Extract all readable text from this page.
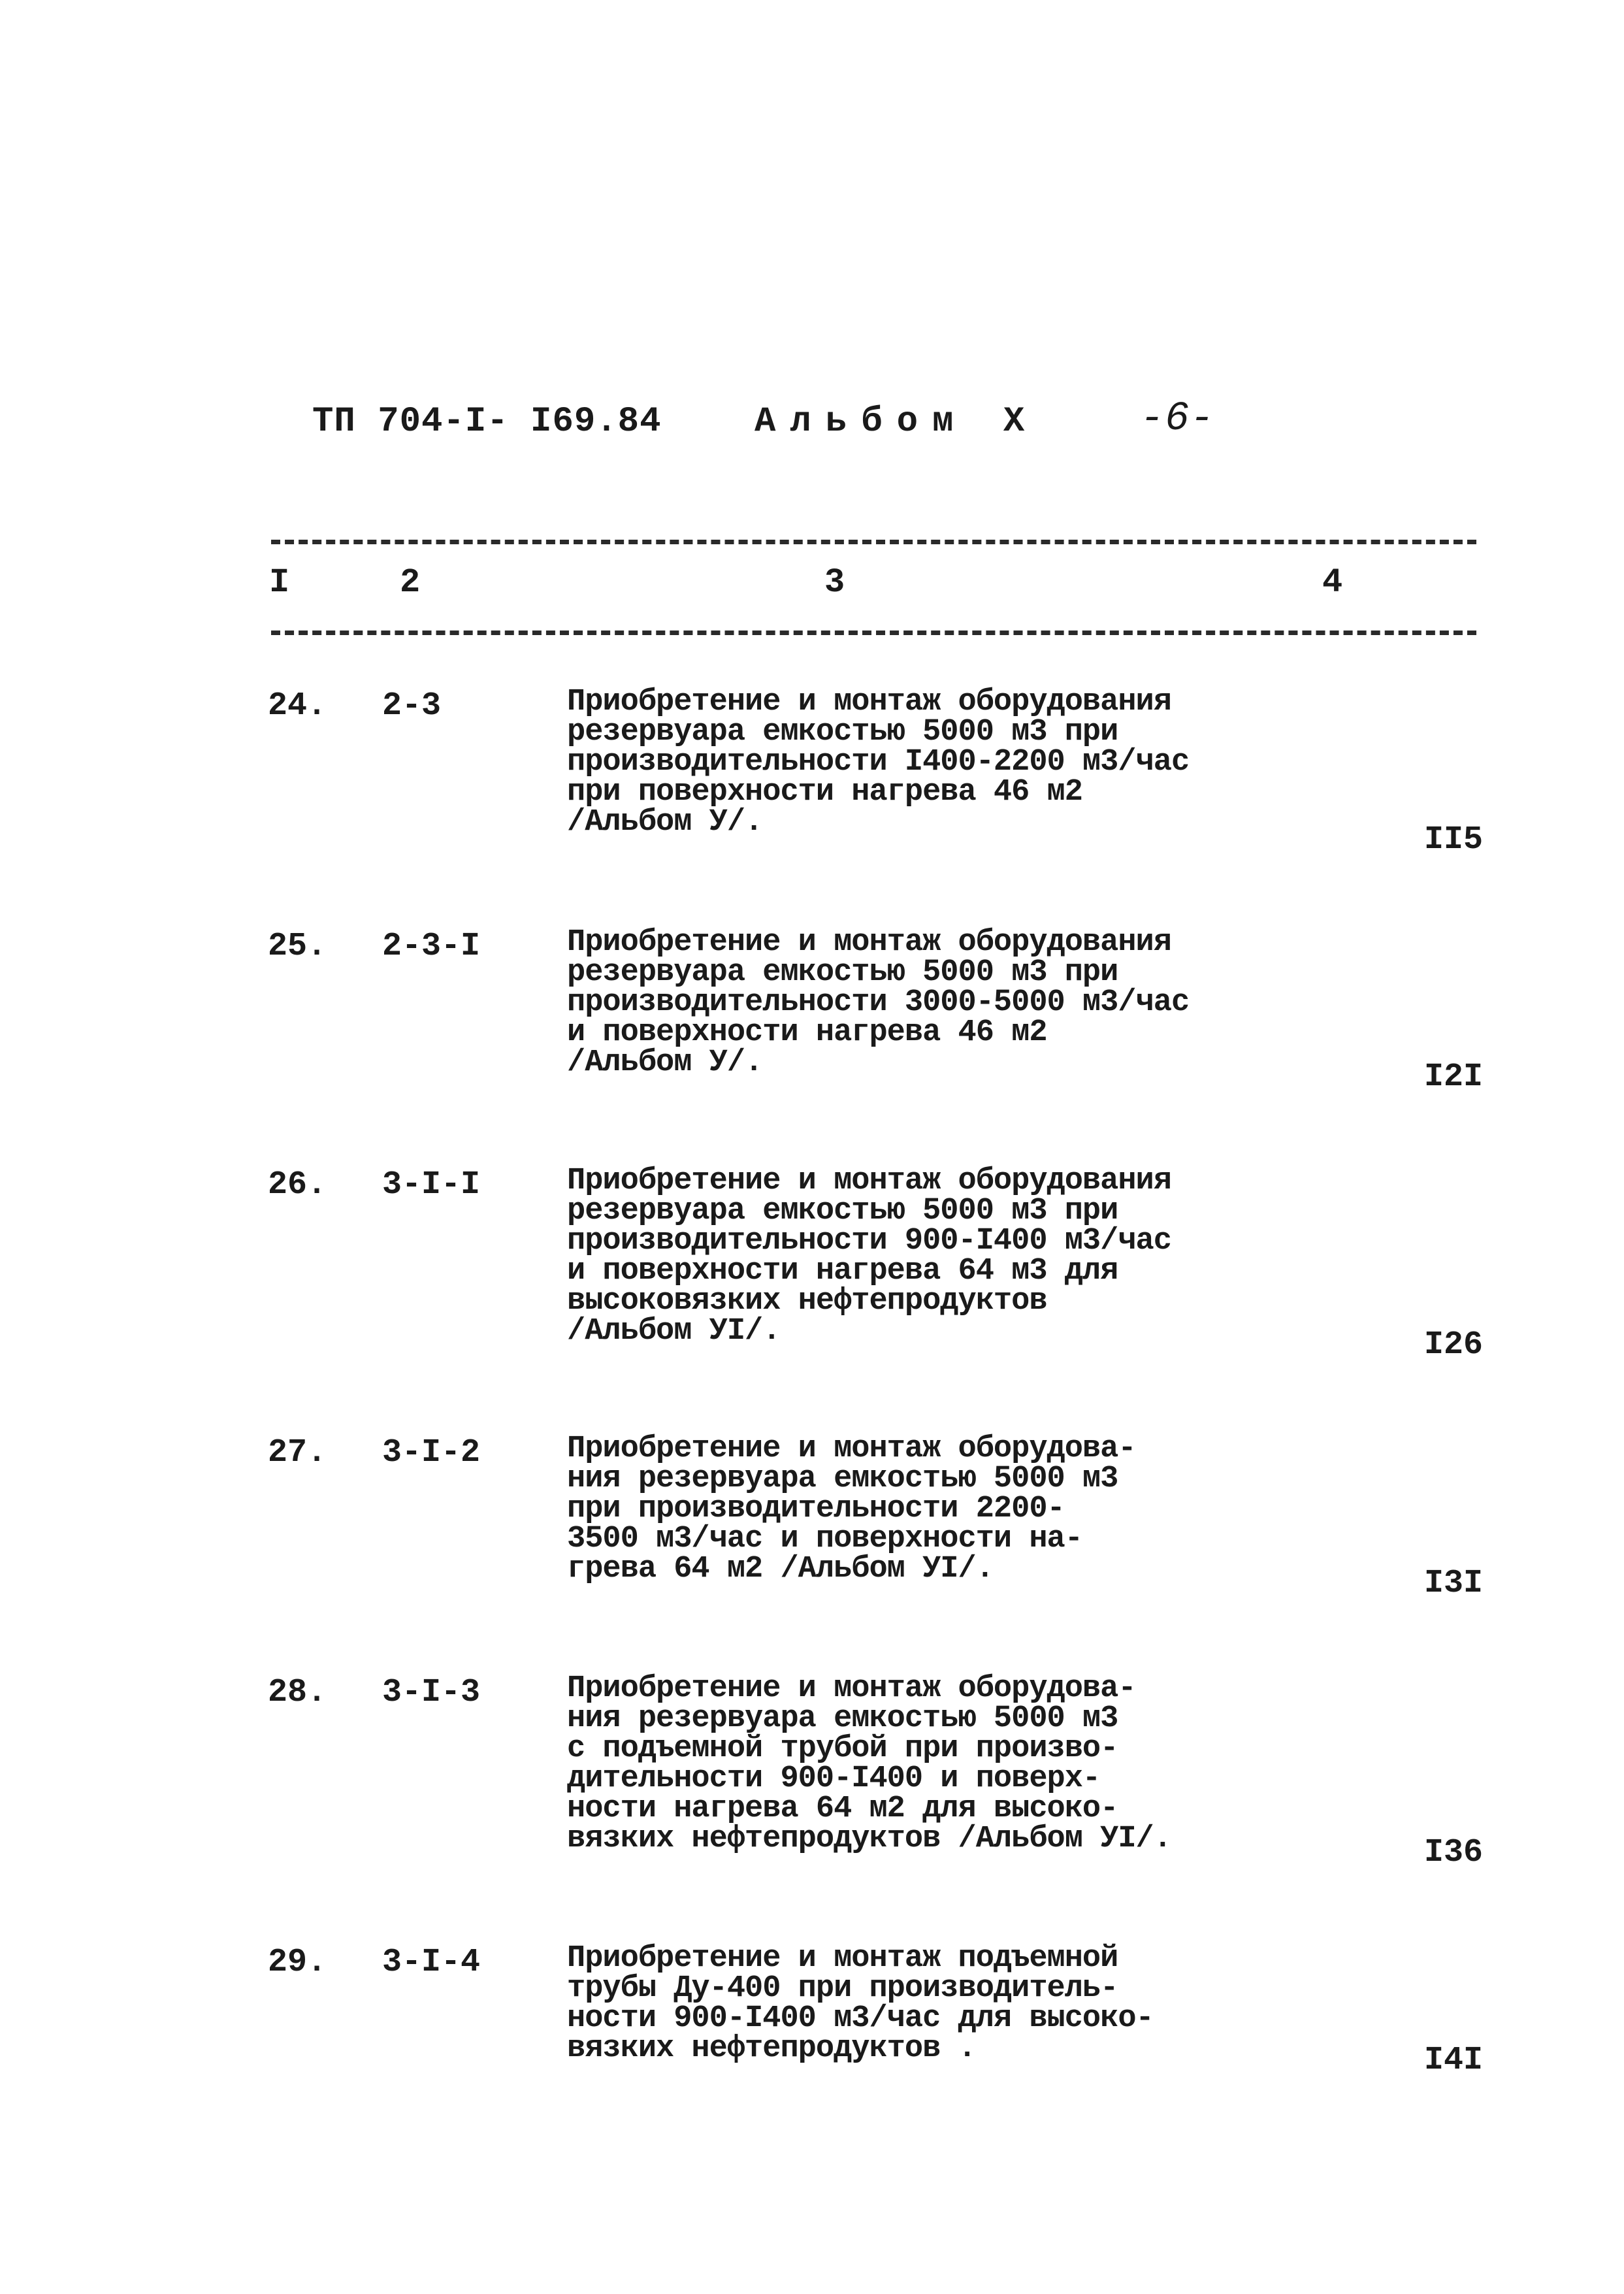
ТП 704-I- I69.84	Альбом X -6-
I	2	3	4
24. 2-3	Приобретение и монтаж оборудования
резервуара емкостью 5000 м3 при
производительности I400-2200 м3/час
при поверхности нагрева 46 м2
/Альбом У/.	II5
25. 2-3-I	Приобретение и монтаж оборудования
резервуара емкостью 5000 м3 при
производительности 3000-5000 м3/час
и поверхности нагрева 46 м2
/Альбом У/.	I2I
26. 3-I-I	Приобретение и монтаж оборудования
резервуара емкостью 5000 м3 при
производительности 900-I400 м3/час
и поверхности нагрева 64 м3 для
высоковязких нефтепродуктов
/Альбом УI/.	I26
27. 3-I-2	Приобретение и монтаж оборудова-
ния резервуара емкостью 5000 м3
при производительности 2200-
3500 м3/час и поверхности на-
грева 64 м2 /Альбом УI/.	I3I
28. 3-I-3	Приобретение и монтаж оборудова-
ния резервуара емкостью 5000 м3
с подъемной трубой при произво-
дительности 900-I400 и поверх-
ности нагрева 64 м2 для высоко-
вязких нефтепродуктов /Альбом УI/.	I36
29. 3-I-4	Приобретение и монтаж подъемной
трубы Ду-400 при производитель-
ности 900-I400 м3/час для высоко-
вязких нефтепродуктов .	I4I
